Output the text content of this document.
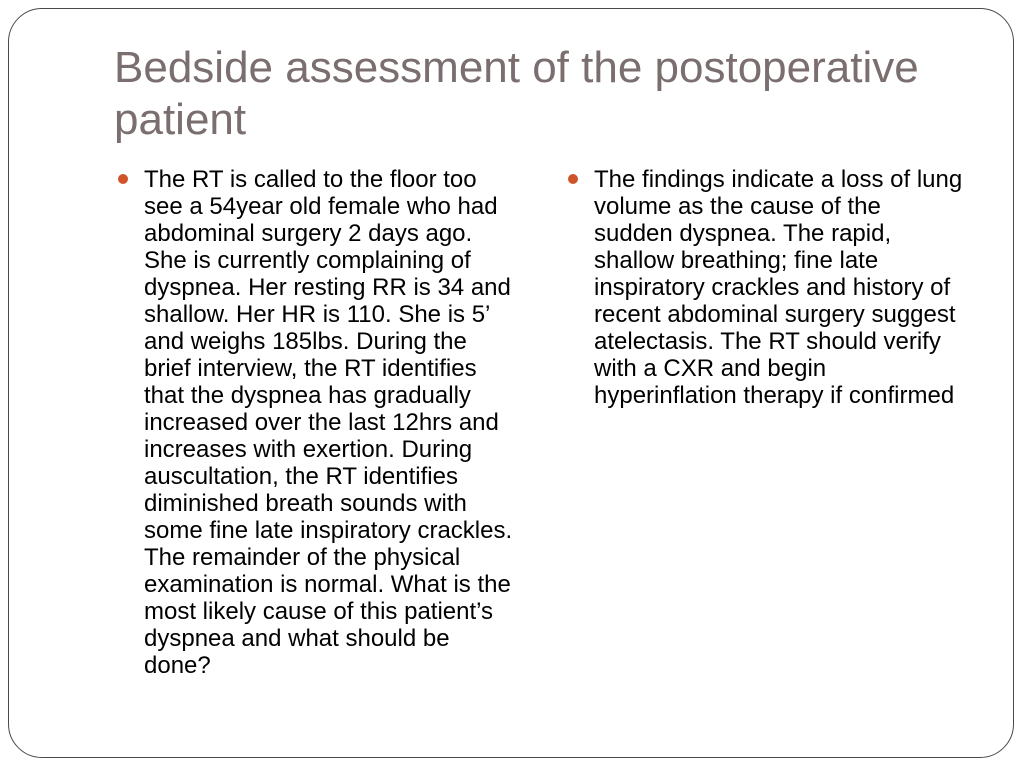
Bedside assessment of the postoperative patient
The RT is called to the floor too see a 54year old female who had abdominal surgery 2 days ago. She is currently complaining of dyspnea. Her resting RR is 34 and shallow. Her HR is 110. She is 5’ and weighs 185lbs. During the brief interview, the RT identifies that the dyspnea has gradually increased over the last 12hrs and increases with exertion. During auscultation, the RT identifies diminished breath sounds with some fine late inspiratory crackles. The remainder of the physical examination is normal. What is the most likely cause of this patient’s dyspnea and what should be done?
The findings indicate a loss of lung volume as the cause of the sudden dyspnea. The rapid, shallow breathing; fine late inspiratory crackles and history of recent abdominal surgery suggest atelectasis. The RT should verify with a CXR and begin hyperinflation therapy if confirmed
